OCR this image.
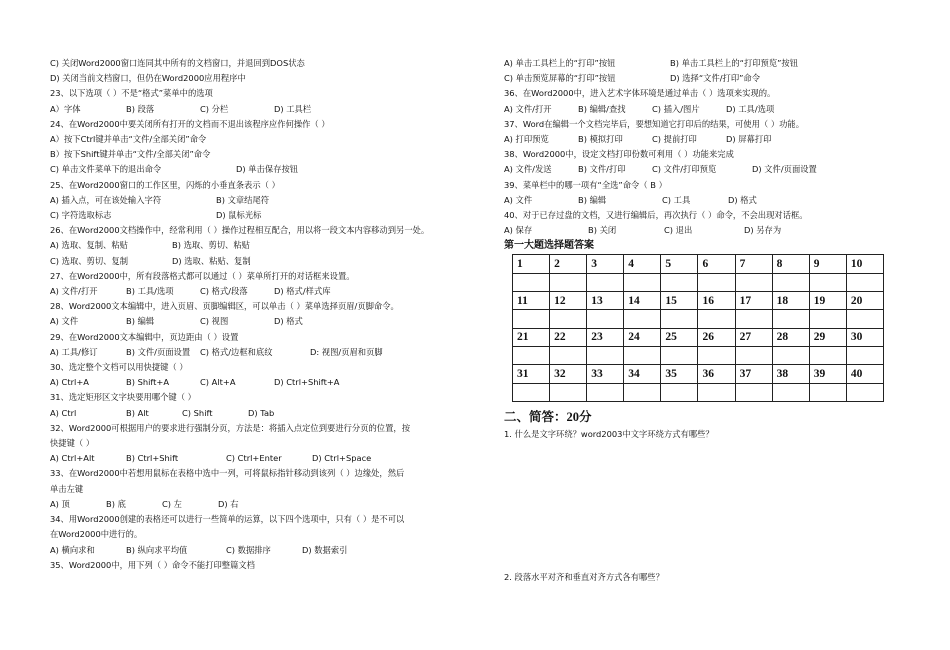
C) 关闭Word2000窗口连同其中所有的文档窗口，并退回到DOS状态
D) 关闭当前文档窗口，但仍在Word2000应用程序中
23、以下选项（ ）不是“格式”菜单中的选项
A）字体	B) 段落	C) 分栏	D) 工具栏
24、在Word2000中要关闭所有打开的文档而不退出该程序应作何操作（ ）
A）按下Ctrl键并单击“文件/全部关闭”命令
B）按下Shift键并单击“文件/全部关闭”命令
C) 单击文件菜单下的退出命令	D) 单击保存按钮
25、在Word2000窗口的工作区里，闪烁的小垂直条表示（ ）
A) 插入点，可在该处输入字符	B) 文章结尾符
C) 字符选取标志	D) 鼠标光标
26、在Word2000文档操作中，经常利用（ ）操作过程相互配合，用以将一段文本内容移动到另一处。
A) 选取、复制、粘贴	B) 选取、剪切、粘贴
C) 选取、剪切、复制	D) 选取、粘贴、复制
27、在Word2000中，所有段落格式都可以通过（ ）菜单所打开的对话框来设置。
A) 文件/打开	B) 工具/选项	C) 格式/段落	D) 格式/样式库
28、Word2000文本编辑中，进入页眉、页脚编辑区，可以单击（ ）菜单选择页眉/页脚命令。
A) 文件	B) 编辑	C) 视图	D) 格式
29、在Word2000文本编辑中，页边距由（ ）设置
A) 工具/修订	B) 文件/页面设置	C) 格式/边框和底纹	D: 视图/页眉和页脚
30、选定整个文档可以用快捷键（ ）
A) Ctrl+A	B) Shift+A	C) Alt+A	D) Ctrl+Shift+A
31、选定矩形区文字块要用哪个键（ ）
A) Ctrl	B) Alt	C) Shift	D) Tab
32、Word2000可根据用户的要求进行强制分页，方法是：将插入点定位到要进行分页的位置，按
快捷键（ ）
A) Ctrl+Alt	B) Ctrl+Shift	C) Ctrl+Enter	D) Ctrl+Space
33、在Word2000中若想用鼠标在表格中选中一列，可将鼠标指针移动到该列（ ）边缘处，然后
单击左键
A) 顶	B) 底	C) 左	D) 右
34、用Word2000创建的表格还可以进行一些简单的运算，以下四个选项中，只有（ ）是不可以
在Word2000中进行的。
A) 横向求和	B) 纵向求平均值	C) 数据排序	D) 数据索引
35、Word2000中，用下列（ ）命令不能打印整篇文档
A) 单击工具栏上的“打印”按钮	B) 单击工具栏上的“打印预览”按钮
C) 单击预览屏幕的“打印”按钮	D) 选择“文件/打印”命令
36、在Word2000中，进入艺术字体环境是通过单击（ ）选项来实现的。
A) 文件/打开	B) 编辑/查找	C) 插入/图片	D) 工具/选项
37、Word在编辑一个文档完毕后，要想知道它打印后的结果，可使用（ ）功能。
A) 打印预览	B) 模拟打印	C) 提前打印	D) 屏幕打印
38、Word2000中，设定文档打印份数可利用（ ）功能来完成
A) 文件/发送	B) 文件/打印	C) 文件/打印预览	D) 文件/页面设置
39、菜单栏中的哪一项有“全选”命令（ B ）
A) 文件	B) 编辑	C) 工具	D) 格式
40、对于已存过盘的文档，又进行编辑后，再次执行（ ）命令，不会出现对话框。
A) 保存	B) 关闭	C) 退出	D) 另存为
第一大题选择题答案
1	2	3	4	5	6	7	8	9	10

11	12	13	14	15	16	17	18	19	20

21	22	23	24	25	26	27	28	29	30

31	32	33	34	35	36	37	38	39	40

二、简答：20分
1. 什么是文字环绕？word2003中文字环绕方式有哪些？
2. 段落水平对齐和垂直对齐方式各有哪些？
